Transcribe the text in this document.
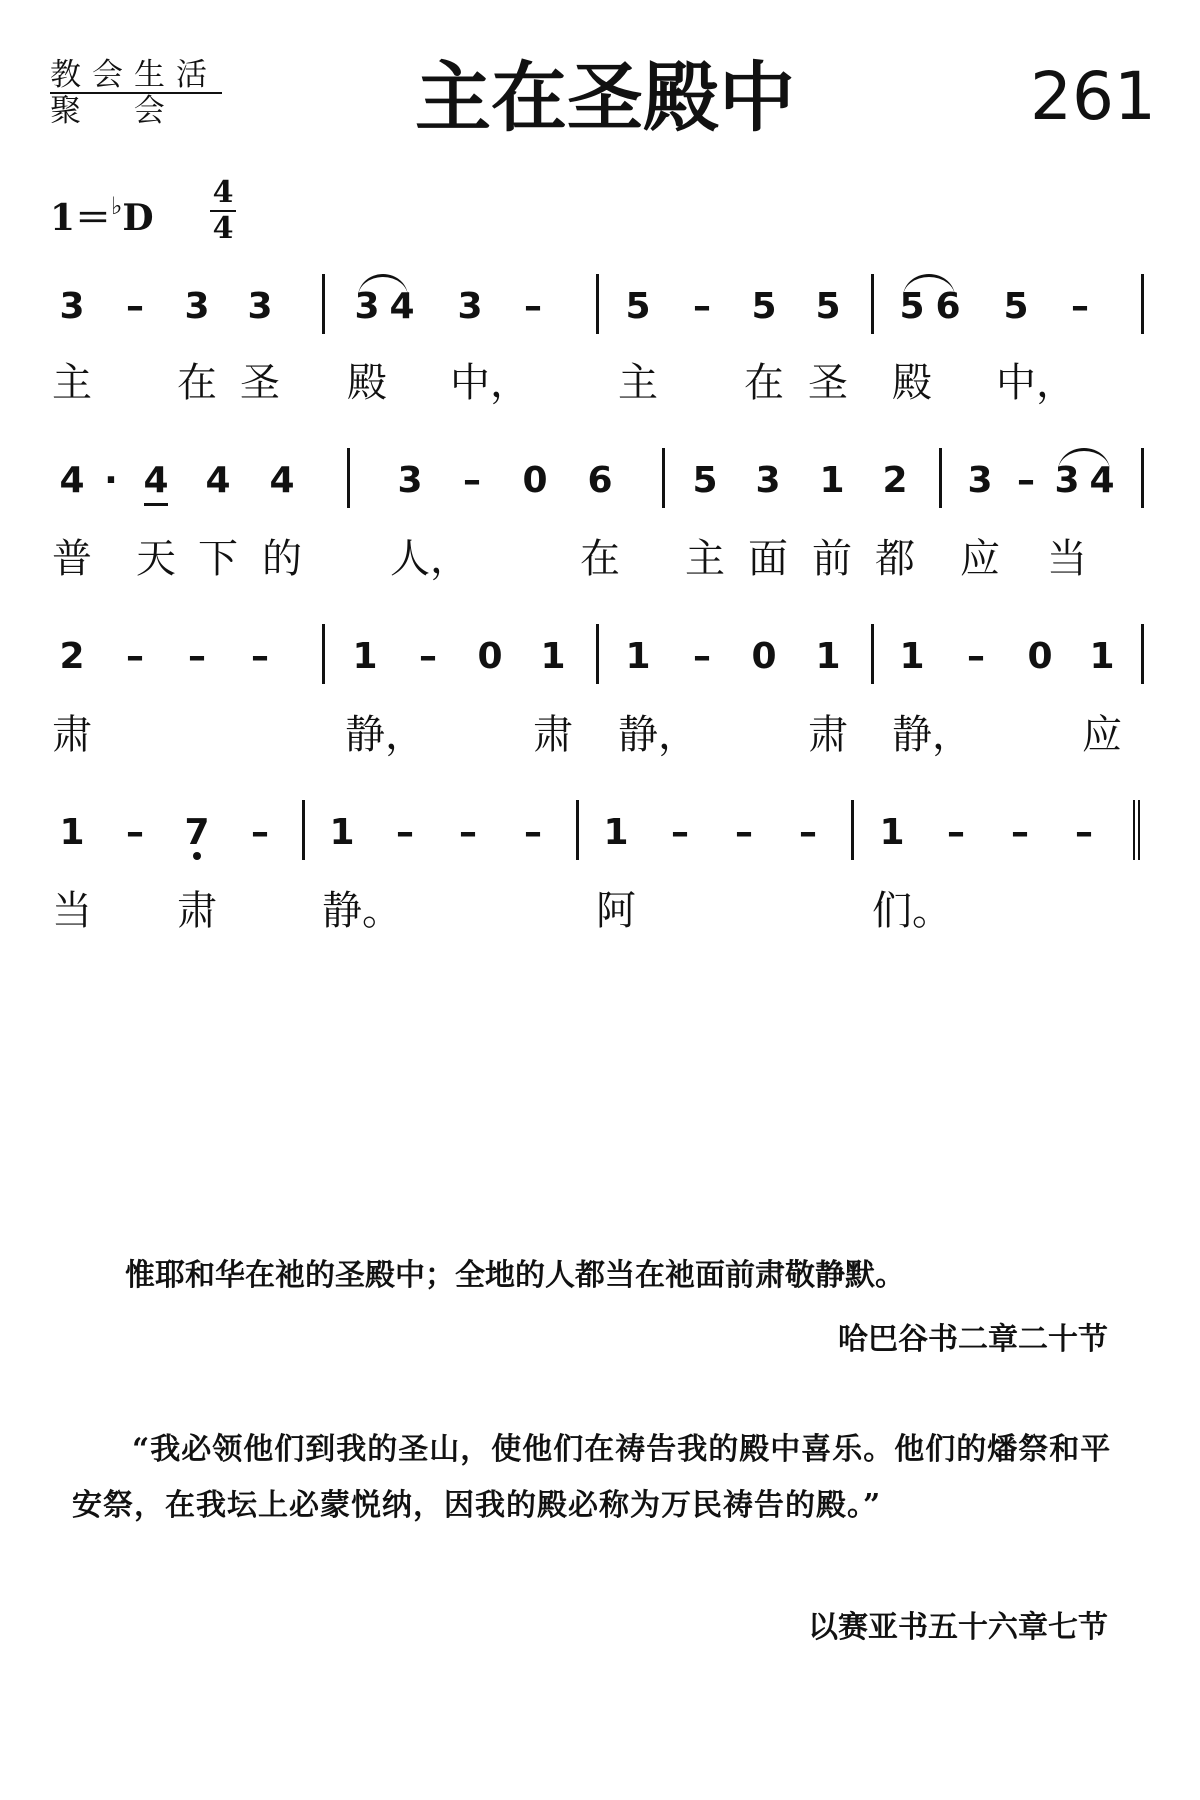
教会生活
聚  会	主在圣殿中	261
1＝♭D
4
4
3 – 3 3 3 4 3 – 5 – 5 5 5 6 5 –
主 在 圣 殿 中， 主 在 圣 殿 中，
4 · 4 4 4	3 – 0 6 5 3 1 2 3 – 3 4
普 天 下 的 人，	在 主 面 前 都 应 当
2 – – – 1 – 0 1 1 – 0 1 1 – 0 1
肃	静，	肃 静，	肃 静，	应
1 – 7 – 1 – – – 1 – – – 1 – – –
当 肃	静。	阿	们。
惟耶和华在祂的圣殿中；全地的人都当在祂面前肃敬静默。
哈巴谷书二章二十节
“我必领他们到我的圣山，使他们在祷告我的殿中喜乐。他们的燔祭和平安祭，在我坛上必蒙悦纳，因我的殿必称为万民祷告的殿。”
以赛亚书五十六章七节
